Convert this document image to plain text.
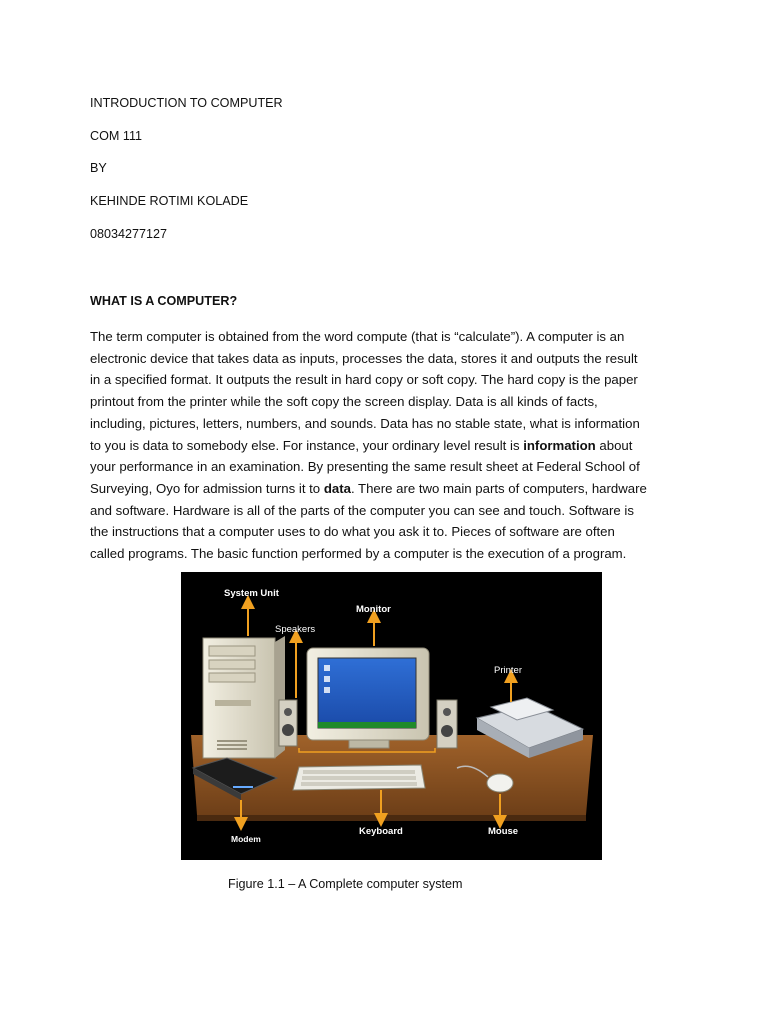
INTRODUCTION TO COMPUTER

COM 111

BY

KEHINDE ROTIMI KOLADE

08034277127

WHAT IS A COMPUTER?

The term computer is obtained from the word compute (that is “calculate”). A computer is an
electronic device that takes data as inputs, processes the data, stores it and outputs the result
in a specified format. It outputs the result in hard copy or soft copy. The hard copy is the paper
printout from the printer while the soft copy the screen display. Data is all kinds of facts,
including, pictures, letters, numbers, and sounds. Data has no stable state, what is information
to you is data to somebody else. For instance, your ordinary level result is information about
your performance in an examination. By presenting the same result sheet at Federal School of
Surveying, Oyo for admission turns it to data. There are two main parts of computers, hardware
and software. Hardware is all of the parts of the computer you can see and touch. Software is
the instructions that a computer uses to do what you ask it to. Pieces of software are often
called programs. The basic function performed by a computer is the execution of a program.

System Unit
Monitor
Speakers
Printer
Modem
Keyboard	Mouse

Figure 1.1 – A Complete computer system
